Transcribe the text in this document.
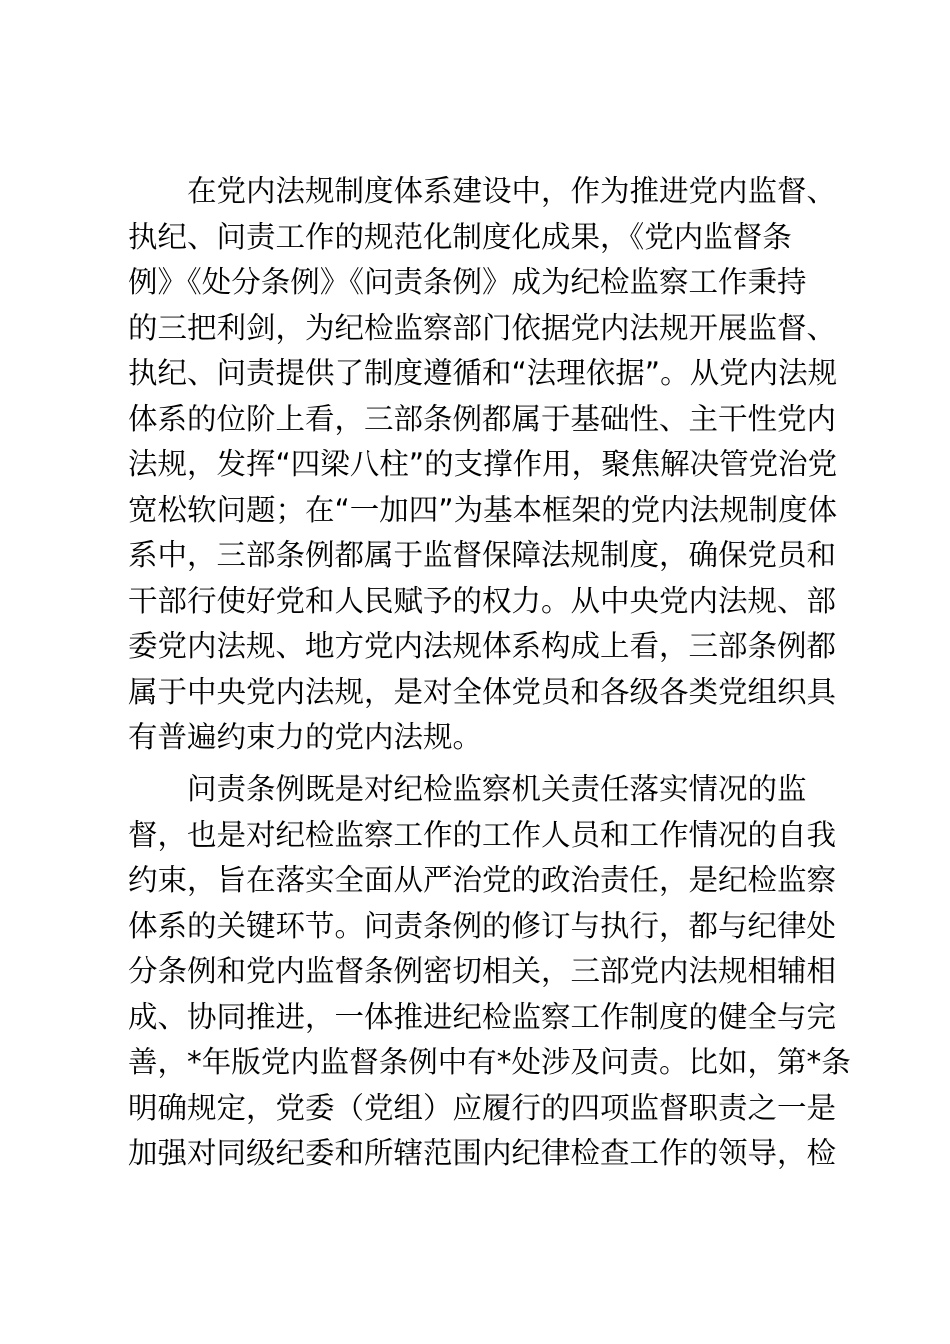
在党内法规制度体系建设中，作为推进党内监督、
执纪、问责工作的规范化制度化成果，《党内监督条
例》《处分条例》《问责条例》成为纪检监察工作秉持
的三把利剑，为纪检监察部门依据党内法规开展监督、
执纪、问责提供了制度遵循和“法理依据”。从党内法规
体系的位阶上看，三部条例都属于基础性、主干性党内
法规，发挥“四梁八柱”的支撑作用，聚焦解决管党治党
宽松软问题；在“一加四”为基本框架的党内法规制度体
系中，三部条例都属于监督保障法规制度，确保党员和
干部行使好党和人民赋予的权力。从中央党内法规、部
委党内法规、地方党内法规体系构成上看，三部条例都
属于中央党内法规，是对全体党员和各级各类党组织具
有普遍约束力的党内法规。
问责条例既是对纪检监察机关责任落实情况的监
督，也是对纪检监察工作的工作人员和工作情况的自我
约束，旨在落实全面从严治党的政治责任，是纪检监察
体系的关键环节。问责条例的修订与执行，都与纪律处
分条例和党内监督条例密切相关，三部党内法规相辅相
成、协同推进，一体推进纪检监察工作制度的健全与完
善，*年版党内监督条例中有*处涉及问责。比如，第*条
明确规定，党委（党组）应履行的四项监督职责之一是
加强对同级纪委和所辖范围内纪律检查工作的领导，检
